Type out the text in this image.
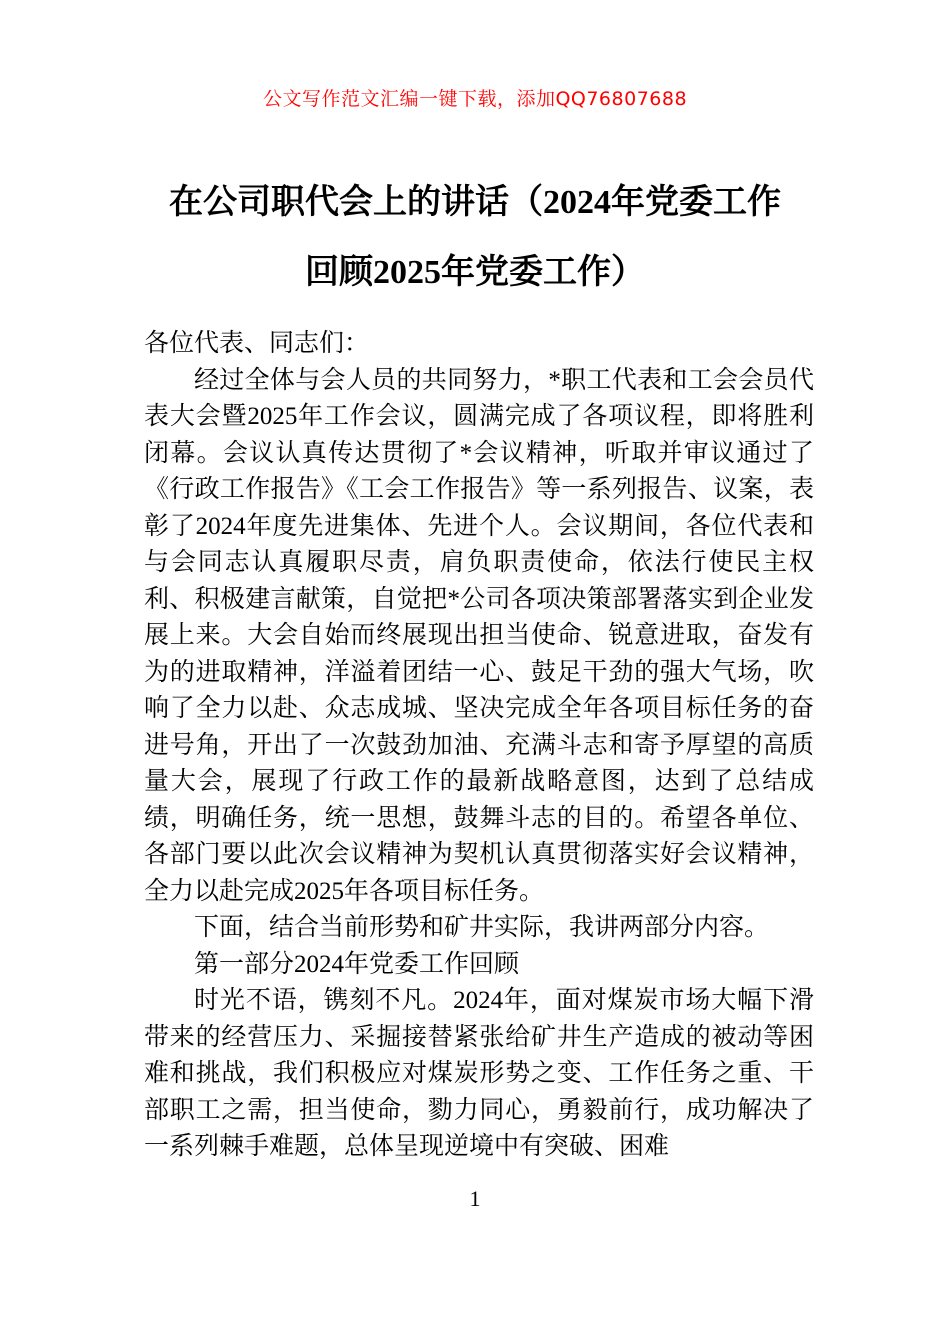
公文写作范文汇编一键下载，添加QQ76807688
在公司职代会上的讲话（2024年党委工作
回顾2025年党委工作）

各位代表、同志们：

经过全体与会人员的共同努力，*职工代表和工会会员代表大会暨2025年工作会议，圆满完成了各项议程，即将胜利闭幕。会议认真传达贯彻了*会议精神，听取并审议通过了《行政工作报告》《工会工作报告》等一系列报告、议案，表彰了2024年度先进集体、先进个人。会议期间，各位代表和与会同志认真履职尽责，肩负职责使命，依法行使民主权利、积极建言献策，自觉把*公司各项决策部署落实到企业发展上来。大会自始而终展现出担当使命、锐意进取，奋发有为的进取精神，洋溢着团结一心、鼓足干劲的强大气场，吹响了全力以赴、众志成城、坚决完成全年各项目标任务的奋进号角，开出了一次鼓劲加油、充满斗志和寄予厚望的高质量大会，展现了行政工作的最新战略意图，达到了总结成绩，明确任务，统一思想，鼓舞斗志的目的。希望各单位、各部门要以此次会议精神为契机认真贯彻落实好会议精神，全力以赴完成2025年各项目标任务。

下面，结合当前形势和矿井实际，我讲两部分内容。

第一部分2024年党委工作回顾

时光不语，镌刻不凡。2024年，面对煤炭市场大幅下滑带来的经营压力、采掘接替紧张给矿井生产造成的被动等困难和挑战，我们积极应对煤炭形势之变、工作任务之重、干部职工之需，担当使命，勠力同心，勇毅前行，成功解决了一系列棘手难题，总体呈现逆境中有突破、困难

1
